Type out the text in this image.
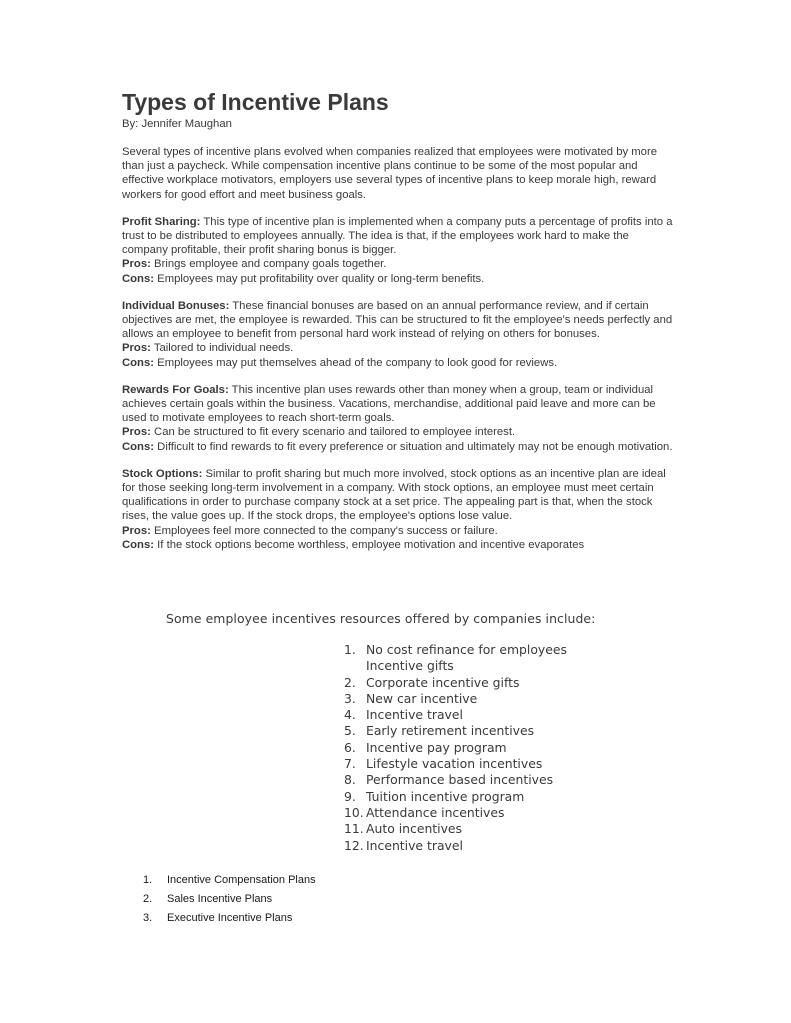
Types of Incentive Plans
By: Jennifer Maughan
Several types of incentive plans evolved when companies realized that employees were motivated by more than just a paycheck. While compensation incentive plans continue to be some of the most popular and effective workplace motivators, employers use several types of incentive plans to keep morale high, reward workers for good effort and meet business goals.
Profit Sharing: This type of incentive plan is implemented when a company puts a percentage of profits into a trust to be distributed to employees annually. The idea is that, if the employees work hard to make the company profitable, their profit sharing bonus is bigger.
Pros: Brings employee and company goals together.
Cons: Employees may put profitability over quality or long-term benefits.
Individual Bonuses: These financial bonuses are based on an annual performance review, and if certain objectives are met, the employee is rewarded. This can be structured to fit the employee's needs perfectly and allows an employee to benefit from personal hard work instead of relying on others for bonuses.
Pros: Tailored to individual needs.
Cons: Employees may put themselves ahead of the company to look good for reviews.
Rewards For Goals: This incentive plan uses rewards other than money when a group, team or individual achieves certain goals within the business. Vacations, merchandise, additional paid leave and more can be used to motivate employees to reach short-term goals.
Pros: Can be structured to fit every scenario and tailored to employee interest.
Cons: Difficult to find rewards to fit every preference or situation and ultimately may not be enough motivation.
Stock Options: Similar to profit sharing but much more involved, stock options as an incentive plan are ideal for those seeking long-term involvement in a company. With stock options, an employee must meet certain qualifications in order to purchase company stock at a set price. The appealing part is that, when the stock rises, the value goes up. If the stock drops, the employee's options lose value.
Pros: Employees feel more connected to the company's success or failure.
Cons: If the stock options become worthless, employee motivation and incentive evaporates
Some employee incentives resources offered by companies include:
1. No cost refinance for employees
Incentive gifts
2. Corporate incentive gifts
3. New car incentive
4. Incentive travel
5. Early retirement incentives
6. Incentive pay program
7. Lifestyle vacation incentives
8. Performance based incentives
9. Tuition incentive program
10. Attendance incentives
11. Auto incentives
12. Incentive travel
1.	Incentive Compensation Plans
2.	Sales Incentive Plans
3.	Executive Incentive Plans
